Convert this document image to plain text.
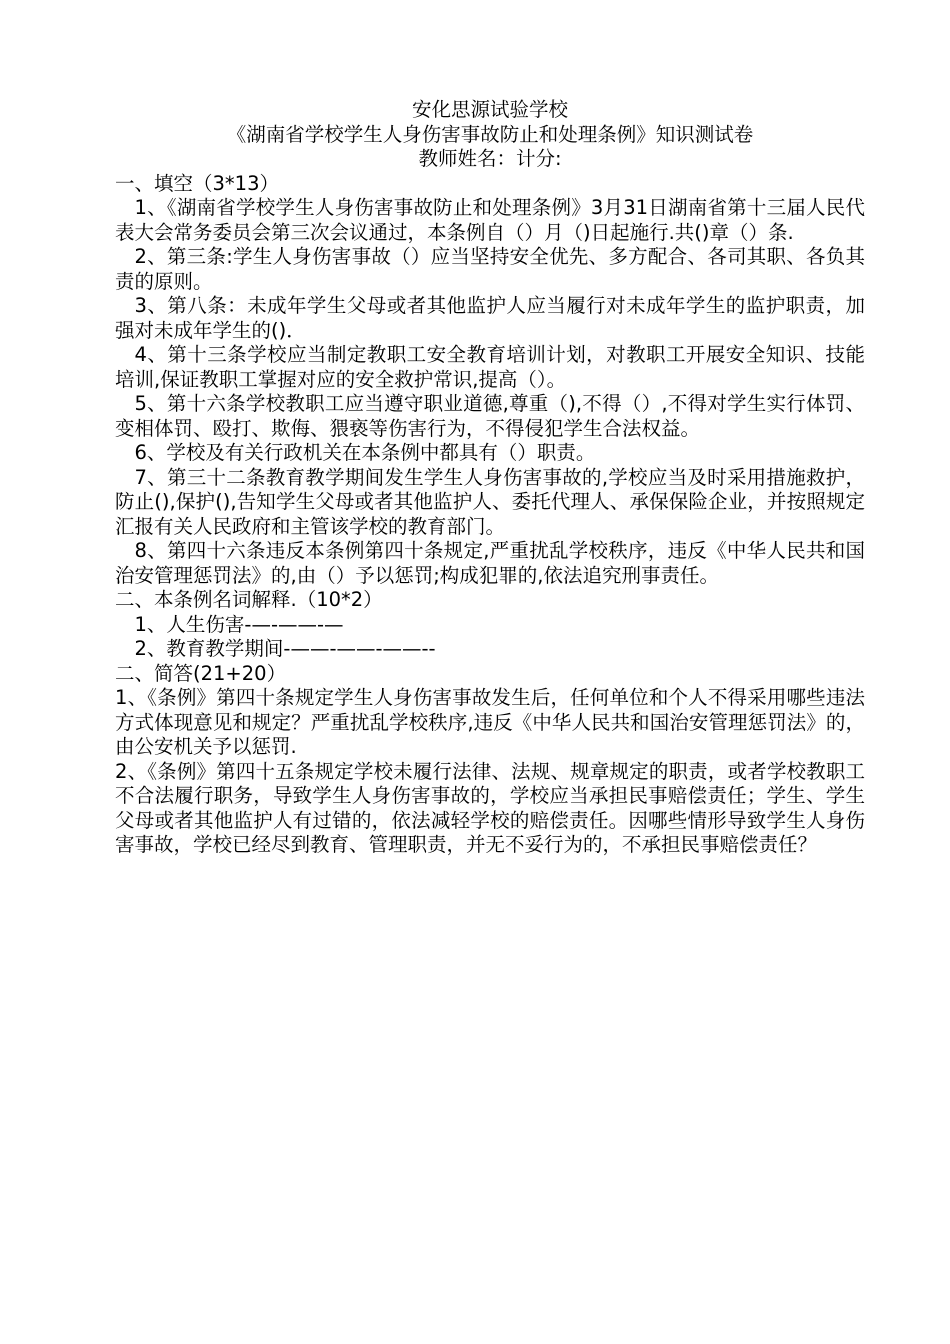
安化思源试验学校

《湖南省学校学生人身伤害事故防止和处理条例》知识测试卷

教师姓名：计分:

一、填空（3*13）

1、《湖南省学校学生人身伤害事故防止和处理条例》3月31日湖南省第十三届人民代表大会常务委员会第三次会议通过，本条例自（）月（)日起施行.共()章（）条.

2、第三条:学生人身伤害事故（）应当坚持安全优先、多方配合、各司其职、各负其责的原则。

3、第八条：未成年学生父母或者其他监护人应当履行对未成年学生的监护职责，加强对未成年学生的()．

4、第十三条学校应当制定教职工安全教育培训计划，对教职工开展安全知识、技能培训,保证教职工掌握对应的安全救护常识,提高（）。

5、第十六条学校教职工应当遵守职业道德,尊重（),不得（）,不得对学生实行体罚、变相体罚、殴打、欺侮、猥亵等伤害行为，不得侵犯学生合法权益。

6、学校及有关行政机关在本条例中都具有（）职责。

7、第三十二条教育教学期间发生学生人身伤害事故的,学校应当及时采用措施救护，防止(),保护(),告知学生父母或者其他监护人、委托代理人、承保保险企业，并按照规定汇报有关人民政府和主管该学校的教育部门。

8、第四十六条违反本条例第四十条规定,严重扰乱学校秩序，违反《中华人民共和国治安管理惩罚法》的,由（）予以惩罚;构成犯罪的,依法追究刑事责任。

二、本条例名词解释.（10*2）

1、人生伤害-—-——-—

2、教育教学期间-——-——-——--

二、简答(21+20）

1、《条例》第四十条规定学生人身伤害事故发生后，任何单位和个人不得采用哪些违法方式体现意见和规定？严重扰乱学校秩序,违反《中华人民共和国治安管理惩罚法》的，由公安机关予以惩罚.

2、《条例》第四十五条规定学校未履行法律、法规、规章规定的职责，或者学校教职工不合法履行职务，导致学生人身伤害事故的，学校应当承担民事赔偿责任；学生、学生父母或者其他监护人有过错的，依法减轻学校的赔偿责任。因哪些情形导致学生人身伤害事故，学校已经尽到教育、管理职责，并无不妥行为的，不承担民事赔偿责任？
